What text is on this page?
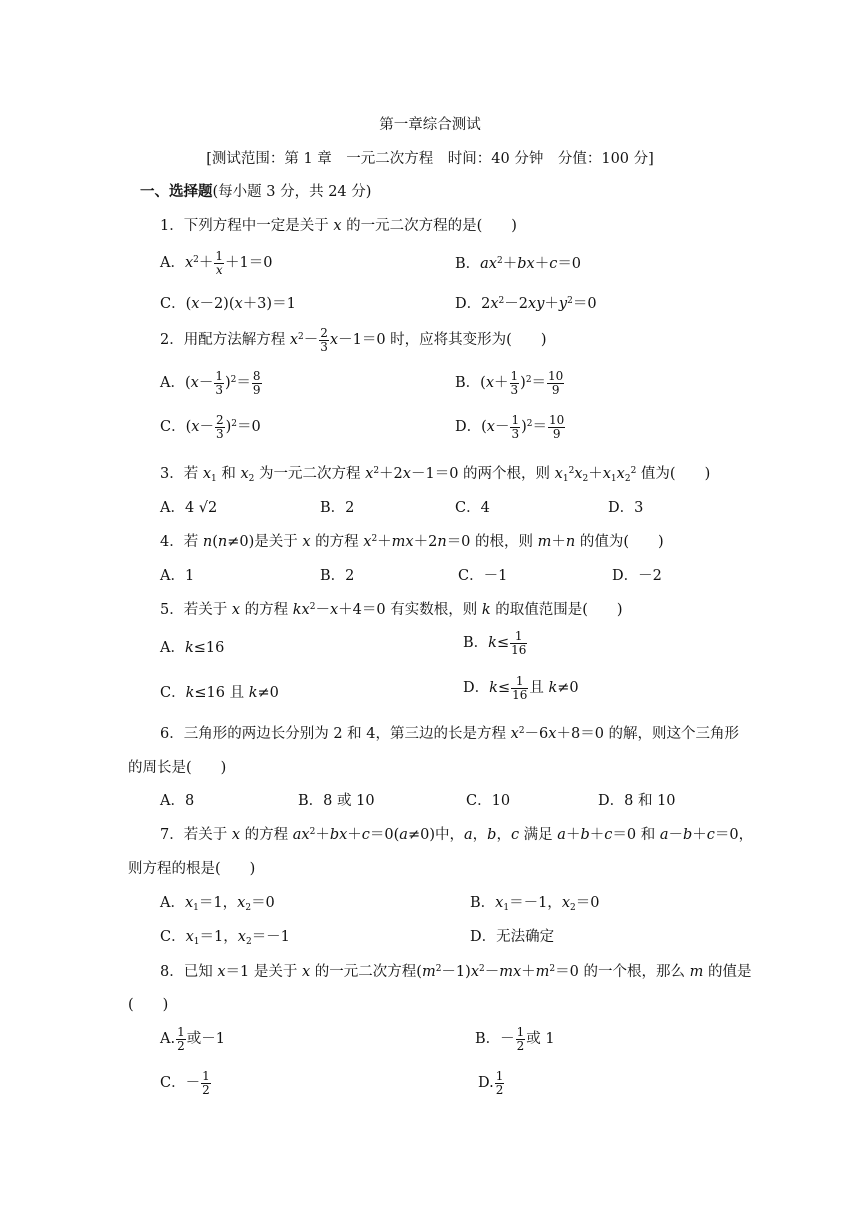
第一章综合测试
[测试范围：第 1 章　一元二次方程　时间：40 分钟　分值：100 分]
一、选择题(每小题 3 分，共 24 分)
1．下列方程中一定是关于 x 的一元二次方程的是(　　)
A．$x^2+ \frac{1}{x} +1=0$	B．$ax^2+bx+c=0$
C．(x－2)(x＋3)＝1	D．$2x^2-2xy+y^2=0$
2．用配方法解方程 $x^2- \frac{2}{3} x-1=0$ 时，应将其变形为(　　)
A．$(x- \frac{1}{3} )^2= \frac{8}{9}$	B．$(x+ \frac{1}{3} )^2= \frac{10}{9}$
C．$(x- \frac{2}{3} )^2=0$	D．$(x- \frac{1}{3} )^2= \frac{10}{9}$
3．若 $x_1$ 和 $x_2$ 为一元二次方程 $x^2+2x-1=0$ 的两个根，则 $x_1^2x_2+x_1x_2^2$ 值为(　　)
A．4 √2	B．2	C．4	D．3
4．若 n(n≠0)是关于 x 的方程 $x^2+mx+2n=0$ 的根，则 m＋n 的值为(　　)
A．1	B．2	C．－1	D．－2
5．若关于 x 的方程 $kx^2-x+4=0$ 有实数根，则 k 的取值范围是(　　)
A．k≤16	B．$k\le \frac{1}{16}$
C．k≤16 且 k≠0	D．$k\le \frac{1}{16}$ 且 k≠0
6．三角形的两边长分别为 2 和 4，第三边的长是方程 $x^2-6x+8=0$ 的解，则这个三角形
的周长是(　　)
A．8	B．8 或 10	C．10	D．8 和 10
7．若关于 x 的方程 $ax^2+bx+c=0(a\ne 0)$中，a，b，c 满足 a＋b＋c＝0 和 a－b＋c＝0，
则方程的根是(　　)
A．$x_1=1$，$x_2=0$	B．$x_1=-1$，$x_2=0$
C．$x_1=1$，$x_2=-1$	D．无法确定
8．已知 x＝1 是关于 x 的一元二次方程$(m^2-1)x^2-mx+m^2=0$ 的一个根，那么 m 的值是
(　　)
A. $\frac{1}{2}$ 或－1	B．－ $\frac{1}{2}$ 或 1
C．－ $\frac{1}{2}$	D. $\frac{1}{2}$
